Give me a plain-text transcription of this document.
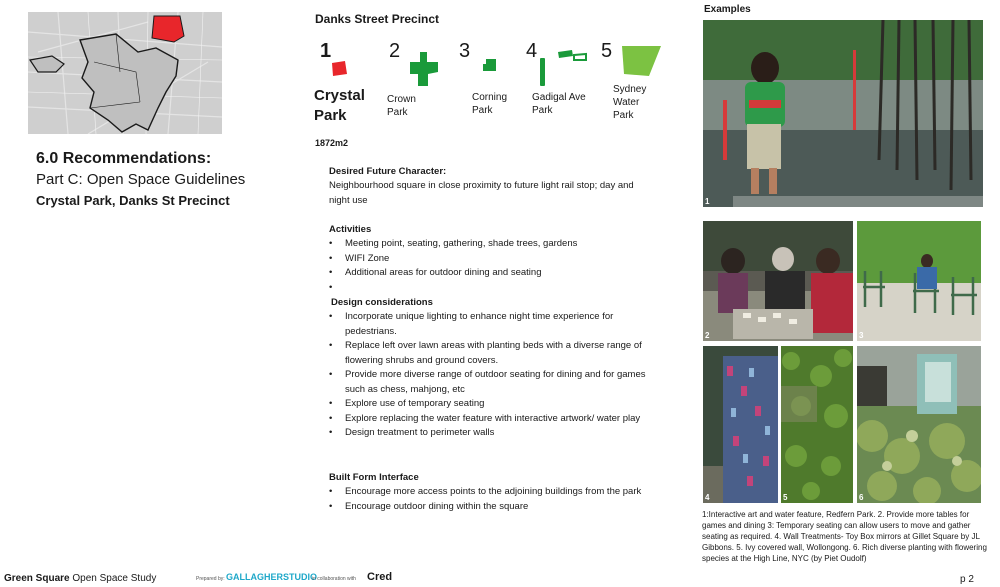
6.0 Recommendations:
Part C: Open Space Guidelines
Crystal Park, Danks St Precinct
Danks Street Precinct
1
Crystal
Park
2
Crown
Park
3
Corning
Park
4
Gadigal Ave
Park
5
Sydney
Water
Park
1872m2
Desired Future Character:
Neighbourhood square in close proximity to future light rail stop; day and night use
Activities
• Meeting point, seating, gathering, shade trees, gardens
• WIFI Zone
• Additional areas for outdoor dining and seating
Design considerations
• Incorporate unique lighting to enhance night time experience for pedestrians.
• Replace left over lawn areas with planting beds with a diverse range of flowering shrubs and ground covers.
• Provide more diverse range of outdoor seating for dining and for games such as chess, mahjong, etc
• Explore use of temporary seating
• Explore replacing the water feature with interactive artwork/ water play
• Design treatment to perimeter walls
Built Form Interface
• Encourage more access points to the adjoining buildings from the park
• Encourage outdoor dining within the square
Examples
1
2	3
4	5	6
1:Interactive art and water feature, Redfern Park. 2. Provide more tables for games and dining 3: Temporary seating can allow users to move and gather seating as required. 4. Wall Treatments- Toy Box mirrors at Gillet Square by JL Gibbons. 5. Ivy covered wall, Wollongong. 6. Rich diverse planting with flowering species at the High Line, NYC (by Piet Oudolf)
Green Square Open Space Study	Prepared by: GALLAGHERSTUDIO
in collaboration with Cred	p 2
